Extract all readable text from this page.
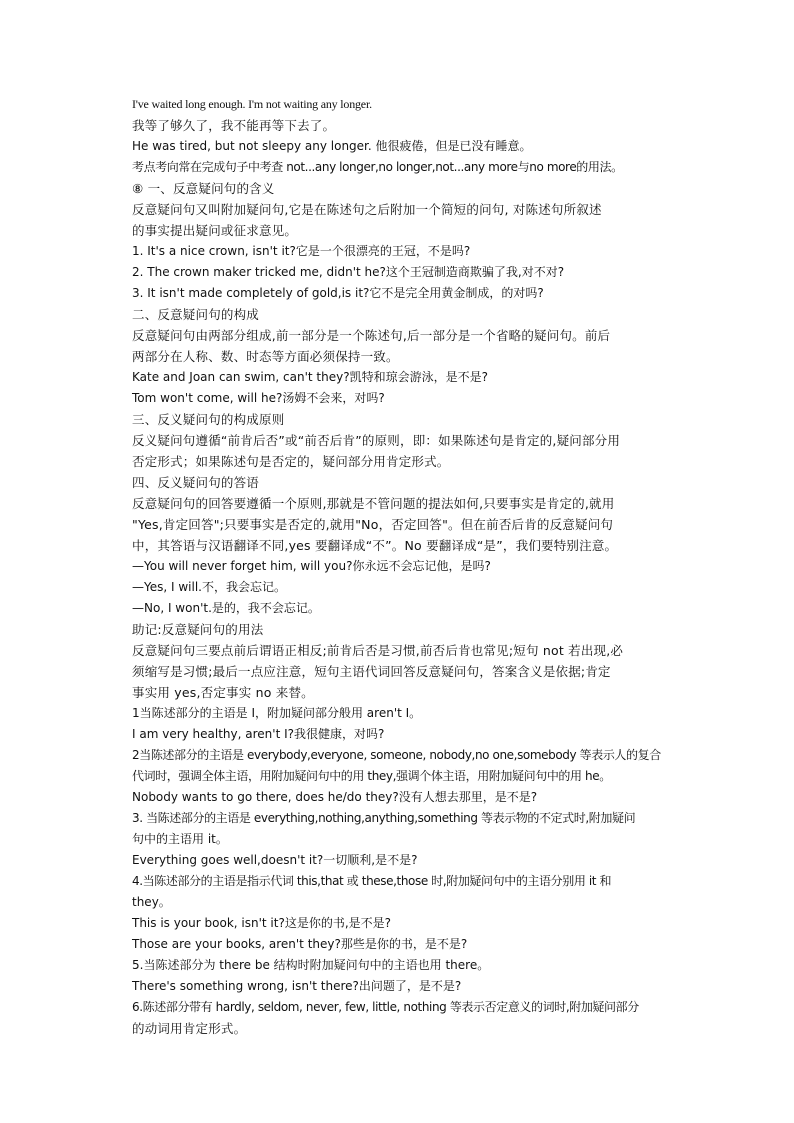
I've waited long enough. I'm not waiting any longer.
我等了够久了，我不能再等下去了。
He was tired, but not sleepy any longer. 他很疲倦，但是已没有睡意。
考点考向常在完成句子中考查 not...any longer,no longer,not...any more与no more的用法。
⑧ 一、反意疑问句的含义
反意疑问句又叫附加疑问句,它是在陈述句之后附加一个简短的问句, 对陈述句所叙述
的事实提出疑问或征求意见。
1. It's a nice crown, isn't it?它是一个很漂亮的王冠，不是吗?
2. The crown maker tricked me, didn't he?这个王冠制造商欺骗了我,对不对?
3. It isn't made completely of gold,is it?它不是完全用黄金制成，的对吗?
二、反意疑问句的构成
反意疑问句由两部分组成,前一部分是一个陈述句,后一部分是一个省略的疑问句。前后
两部分在人称、数、时态等方面必须保持一致。
Kate and Joan can swim, can't they?凯特和琼会游泳，是不是?
Tom won't come, will he?汤姆不会来，对吗?
三、反义疑问句的构成原则
反义疑问句遵循“前肯后否”或“前否后肯”的原则，即：如果陈述句是肯定的,疑问部分用
否定形式；如果陈述句是否定的，疑问部分用肯定形式。
四、反义疑问句的答语
反意疑问句的回答要遵循一个原则,那就是不管问题的提法如何,只要事实是肯定的,就用
"Yes,肯定回答";只要事实是否定的,就用"No，否定回答"。但在前否后肯的反意疑问句
中，其答语与汉语翻译不同,yes 要翻译成“不”。No 要翻译成“是”，我们要特别注意。
—You will never forget him, will you?你永远不会忘记他，是吗?
—Yes, I will.不，我会忘记。
—No, I won't.是的，我不会忘记。
助记:反意疑问句的用法
反意疑问句三要点前后谓语正相反;前肯后否是习惯,前否后肯也常见;短句 not 若出现,必
须缩写是习惯;最后一点应注意，短句主语代词回答反意疑问句，答案含义是依据;肯定
事实用 yes,否定事实 no 来替。
1当陈述部分的主语是 I，附加疑问部分般用 aren't I。
I am very healthy, aren't I?我很健康，对吗?
2当陈述部分的主语是 everybody,everyone, someone, nobody,no one,somebody 等表示人的复合
代词时，强调全体主语，用附加疑问句中的用 they,强调个体主语，用附加疑问句中的用 he。
Nobody wants to go there, does he/do they?没有人想去那里，是不是?
3. 当陈述部分的主语是 everything,nothing,anything,something 等表示物的不定式时,附加疑问
句中的主语用 it。
Everything goes well,doesn't it?一切顺利,是不是?
4.当陈述部分的主语是指示代词 this,that 或 these,those 时,附加疑问句中的主语分别用 it 和
they。
This is your book, isn't it?这是你的书,是不是?
Those are your books, aren't they?那些是你的书，是不是?
5.当陈述部分为 there be 结构时附加疑问句中的主语也用 there。
There's something wrong, isn't there?出问题了，是不是?
6.陈述部分带有 hardly, seldom, never, few, little, nothing 等表示否定意义的词时,附加疑问部分
的动词用肯定形式。
